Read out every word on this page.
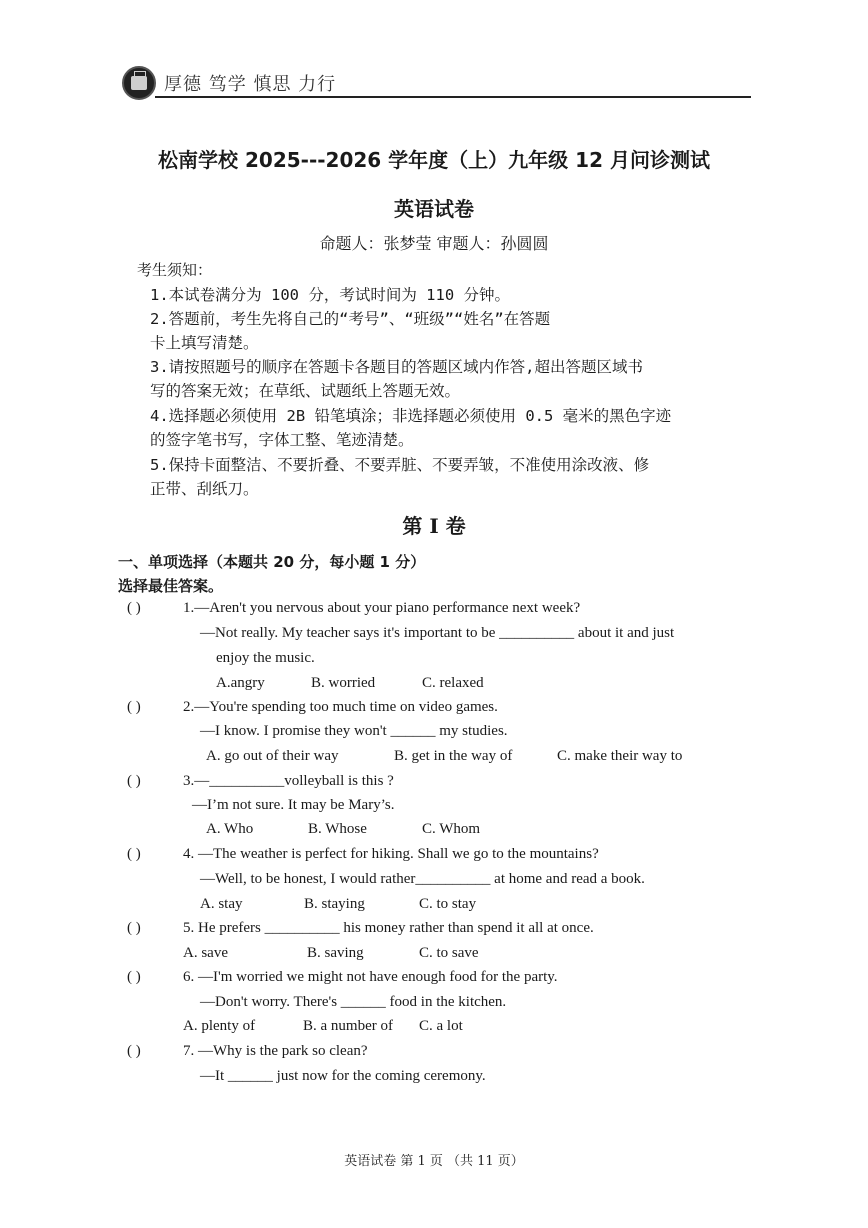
厚德 笃学 慎思 力行
松南学校 2025---2026 学年度（上）九年级 12 月问诊测试
英语试卷
命题人：张梦莹 审题人：孙圆圆
考生须知：
1.本试卷满分为 100 分，考试时间为 110 分钟。
2.答题前，考生先将自己的“考号”、“班级”“姓名”在答题
卡上填写清楚。
3.请按照题号的顺序在答题卡各题目的答题区域内作答,超出答题区域书
写的答案无效；在草纸、试题纸上答题无效。
4.选择题必须使用 2B 铅笔填涂；非选择题必须使用 0.5 毫米的黑色字迹
的签字笔书写，字体工整、笔迹清楚。
5.保持卡面整洁、不要折叠、不要弄脏、不要弄皱，不准使用涂改液、修
正带、刮纸刀。
第 I 卷
一、单项选择（本题共 20 分，每小题 1 分）
选择最佳答案。
( )	1.—Aren't you nervous about your piano performance next week?
—Not really. My teacher says it's important to be __________ about it and just
enjoy the music.
A.angry	B. worried	C. relaxed
( )	2.—You're spending too much time on video games.
—I know. I promise they won't ______ my studies.
A. go out of their way	B. get in the way of	C. make their way to
( )	3.—__________volleyball is this ?
—I’m not sure. It may be Mary’s.
A. Who	B. Whose	C. Whom
( )	4. —The weather is perfect for hiking. Shall we go to the mountains?
—Well, to be honest, I would rather__________ at home and read a book.
A. stay	B. staying	C. to stay
( )	5. He prefers __________ his money rather than spend it all at once.
A. save	B. saving	C. to save
( )	6. —I'm worried we might not have enough food for the party.
—Don't worry. There's ______ food in the kitchen.
A. plenty of	B. a number of C. a lot
( )	7. —Why is the park so clean?
—It ______ just now for the coming ceremony.
英语试卷 第 1 页 （共 11 页）
